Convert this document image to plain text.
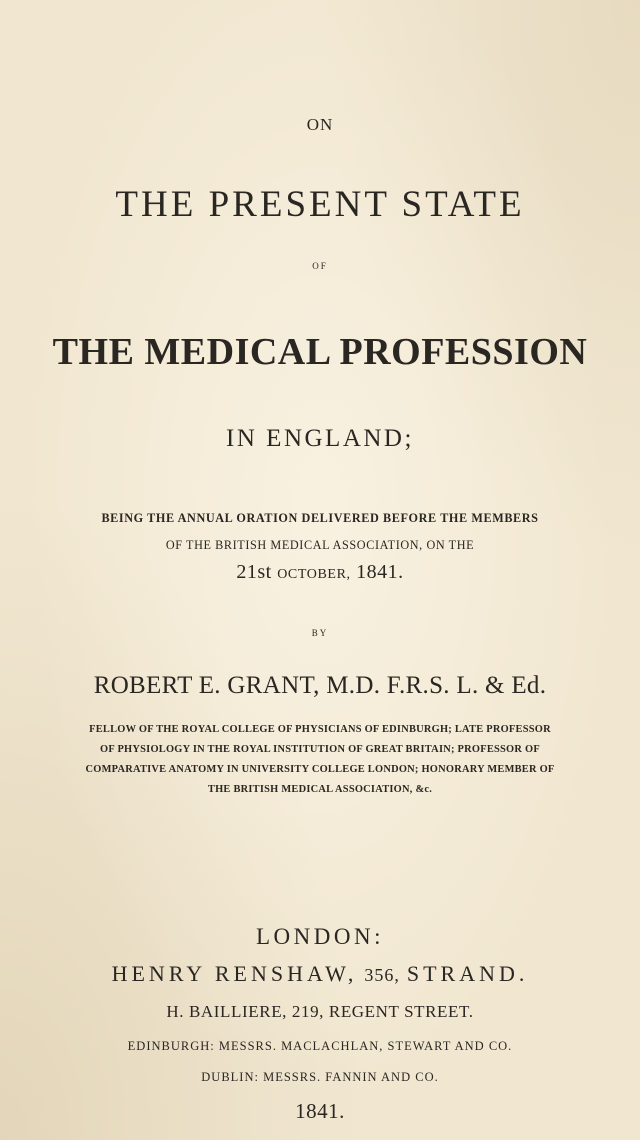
ON
THE PRESENT STATE
OF
THE MEDICAL PROFESSION
IN ENGLAND;
BEING THE ANNUAL ORATION DELIVERED BEFORE THE MEMBERS
OF THE BRITISH MEDICAL ASSOCIATION, ON THE
21st OCTOBER, 1841.
BY
ROBERT E. GRANT, M.D. F.R.S. L. & Ed.
FELLOW OF THE ROYAL COLLEGE OF PHYSICIANS OF EDINBURGH; LATE PROFESSOR
OF PHYSIOLOGY IN THE ROYAL INSTITUTION OF GREAT BRITAIN; PROFESSOR OF
COMPARATIVE ANATOMY IN UNIVERSITY COLLEGE LONDON; HONORARY MEMBER OF
THE BRITISH MEDICAL ASSOCIATION, &c.
LONDON:
HENRY RENSHAW, 356, STRAND.
H. BAILLIERE, 219, REGENT STREET.
EDINBURGH: MESSRS. MACLACHLAN, STEWART AND CO.
DUBLIN: MESSRS. FANNIN AND CO.
1841.
